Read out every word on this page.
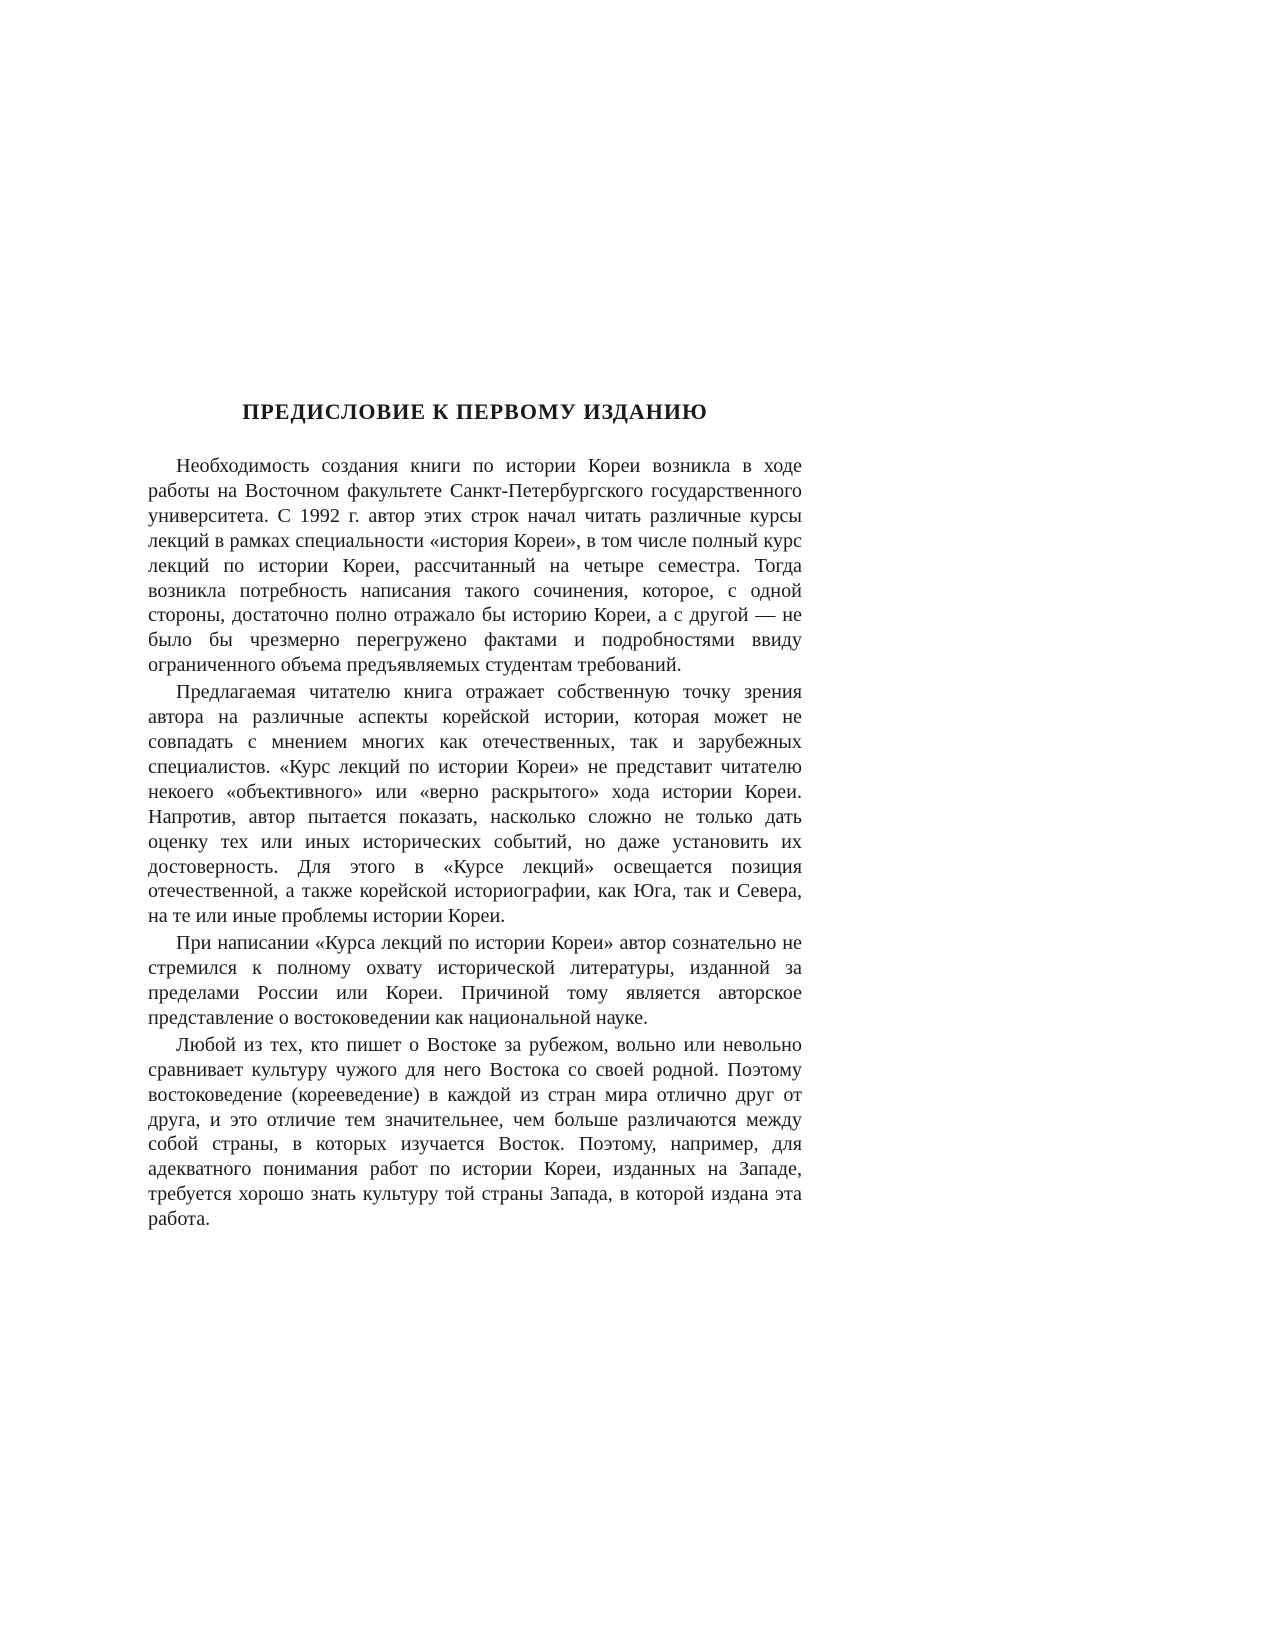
ПРЕДИСЛОВИЕ К ПЕРВОМУ ИЗДАНИЮ

Необходимость создания книги по истории Кореи возникла в ходе работы на Восточном факультете Санкт-Петербургского государственного университета. С 1992 г. автор этих строк начал читать различные курсы лекций в рамках специальности «история Кореи», в том числе полный курс лекций по истории Кореи, рассчитанный на четыре семестра. Тогда возникла потребность написания такого сочинения, которое, с одной стороны, достаточно полно отражало бы историю Кореи, а с другой — не было бы чрезмерно перегружено фактами и подробностями ввиду ограниченного объема предъявляемых студентам требований.

Предлагаемая читателю книга отражает собственную точку зрения автора на различные аспекты корейской истории, которая может не совпадать с мнением многих как отечественных, так и зарубежных специалистов. «Курс лекций по истории Кореи» не представит читателю некоего «объективного» или «верно раскрытого» хода истории Кореи. Напротив, автор пытается показать, насколько сложно не только дать оценку тех или иных исторических событий, но даже установить их достоверность. Для этого в «Курсе лекций» освещается позиция отечественной, а также корейской историографии, как Юга, так и Севера, на те или иные проблемы истории Кореи.

При написании «Курса лекций по истории Кореи» автор сознательно не стремился к полному охвату исторической литературы, изданной за пределами России или Кореи. Причиной тому является авторское представление о востоковедении как национальной науке.

Любой из тех, кто пишет о Востоке за рубежом, вольно или невольно сравнивает культуру чужого для него Востока со своей родной. Поэтому востоковедение (корееведение) в каждой из стран мира отлично друг от друга, и это отличие тем значительнее, чем больше различаются между собой страны, в которых изучается Восток. Поэтому, например, для адекватного понимания работ по истории Кореи, изданных на Западе, требуется хорошо знать культуру той страны Запада, в которой издана эта работа.
